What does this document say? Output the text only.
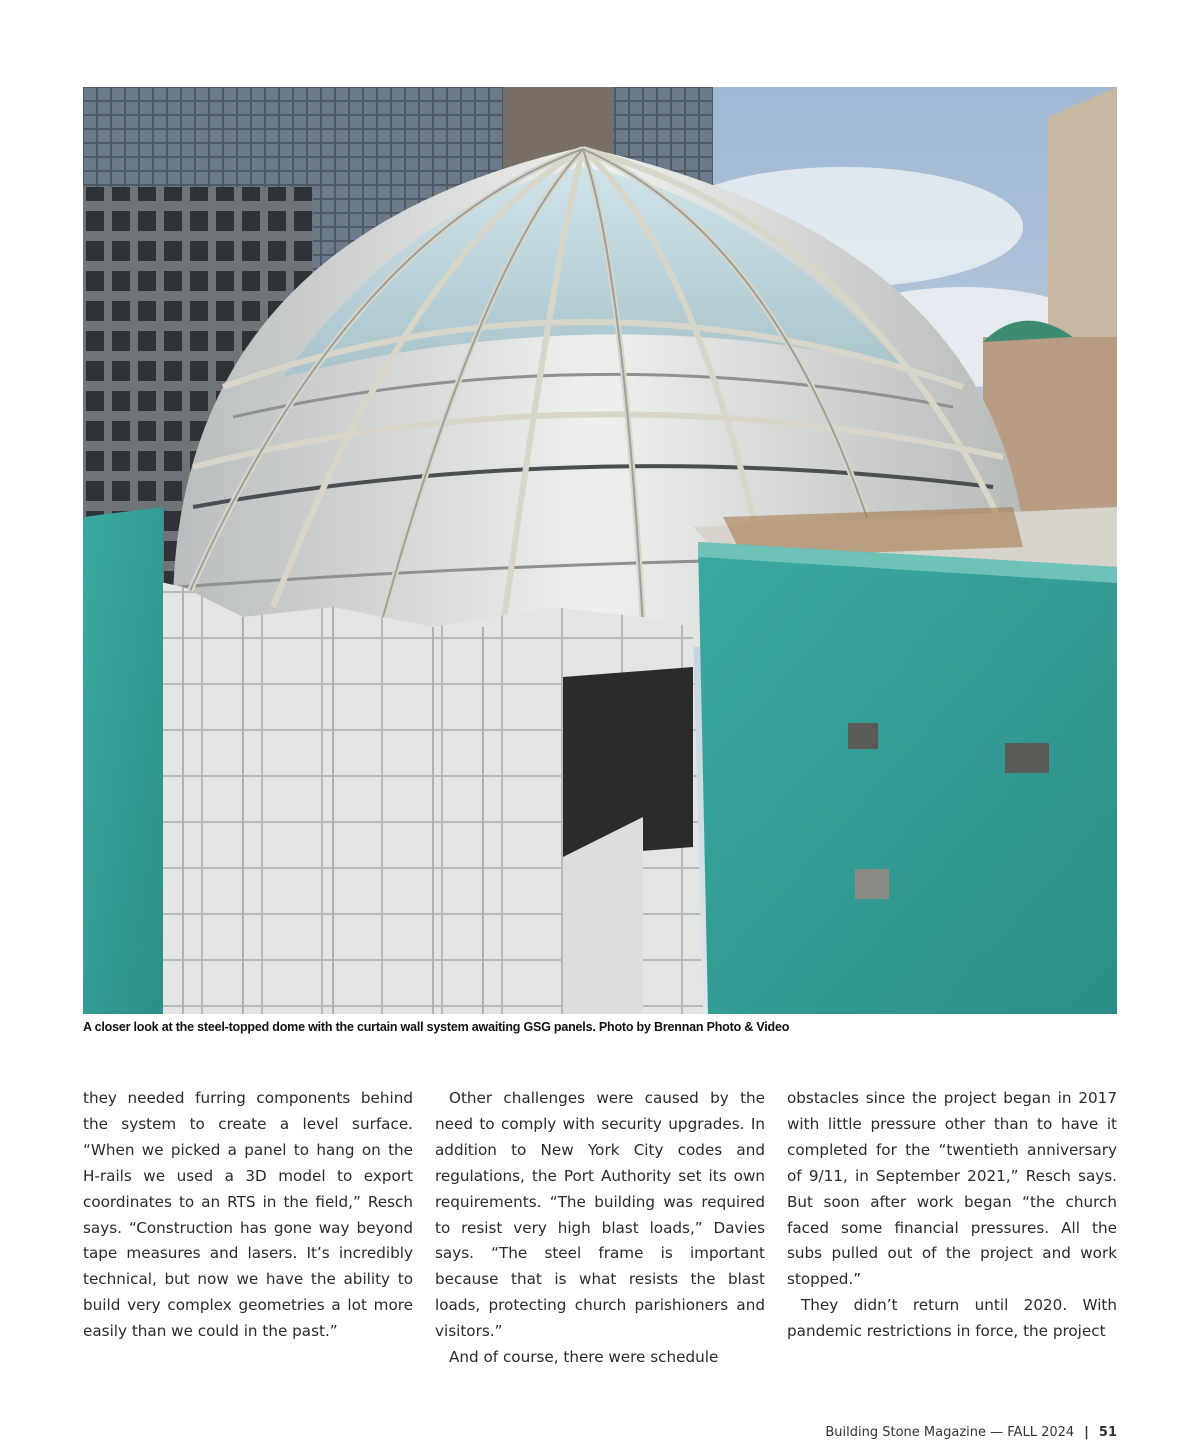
A closer look at the steel-topped dome with the curtain wall system awaiting GSG panels. Photo by Brennan Photo & Video

they needed furring components behind the system to create a level surface. “When we picked a panel to hang on the H-rails we used a 3D model to export coordinates to an RTS in the field,” Resch says. “Construction has gone way beyond tape measures and lasers. It’s incredibly technical, but now we have the ability to build very complex geometries a lot more easily than we could in the past.”

Other challenges were caused by the need to comply with security upgrades. In addition to New York City codes and regulations, the Port Authority set its own requirements. “The building was required to resist very high blast loads,” Davies says. “The steel frame is important because that is what resists the blast loads, protecting church parishioners and visitors.”

And of course, there were schedule

obstacles since the project began in 2017 with little pressure other than to have it completed for the “twentieth anniversary of 9/11, in September 2021,” Resch says. But soon after work began “the church faced some financial pressures. All the subs pulled out of the project and work stopped.”

They didn’t return until 2020. With pandemic restrictions in force, the project

Building Stone Magazine — FALL 2024 | 51
